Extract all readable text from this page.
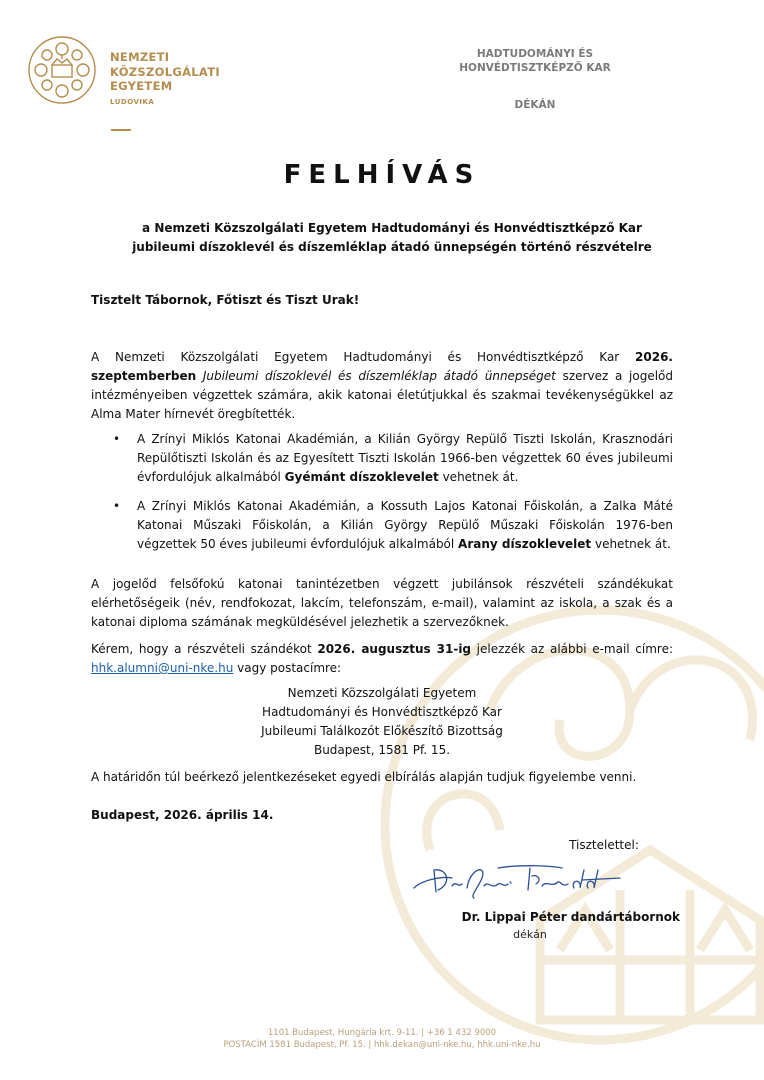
NEMZETI
KÖZSZOLGÁLATI
EGYETEM
LUDOVIKA
HADTUDOMÁNYI ÉS
HONVÉDTISZTKÉPZŐ KAR
DÉKÁN
FELHÍVÁS
a Nemzeti Közszolgálati Egyetem Hadtudományi és Honvédtisztképző Kar
jubileumi díszoklevél és díszemléklap átadó ünnepségén történő részvételre
Tisztelt Tábornok, Főtiszt és Tiszt Urak!
A Nemzeti Közszolgálati Egyetem Hadtudományi és Honvédtisztképző Kar 2026. szeptemberben Jubileumi díszoklevél és díszemléklap átadó ünnepséget szervez a jogelőd intézményeiben végzettek számára, akik katonai életútjukkal és szakmai tevékenységükkel az Alma Mater hírnevét öregbítették.
• A Zrínyi Miklós Katonai Akadémián, a Kilián György Repülő Tiszti Iskolán, Krasznodári Repülőtiszti Iskolán és az Egyesített Tiszti Iskolán 1966-ben végzettek 60 éves jubileumi évfordulójuk alkalmából Gyémánt díszoklevelet vehetnek át.
• A Zrínyi Miklós Katonai Akadémián, a Kossuth Lajos Katonai Főiskolán, a Zalka Máté Katonai Műszaki Főiskolán, a Kilián György Repülő Műszaki Főiskolán 1976-ben végzettek 50 éves jubileumi évfordulójuk alkalmából Arany díszoklevelet vehetnek át.
A jogelőd felsőfokú katonai tanintézetben végzett jubilánsok részvételi szándékukat elérhetőségeik (név, rendfokozat, lakcím, telefonszám, e-mail), valamint az iskola, a szak és a katonai diploma számának megküldésével jelezhetik a szervezőknek.
Kérem, hogy a részvételi szándékot 2026. augusztus 31-ig jelezzék az alábbi e-mail címre: hhk.alumni@uni-nke.hu vagy postacímre:
Nemzeti Közszolgálati Egyetem
Hadtudományi és Honvédtisztképző Kar
Jubileumi Találkozót Előkészítő Bizottság
Budapest, 1581 Pf. 15.
A határidőn túl beérkező jelentkezéseket egyedi elbírálás alapján tudjuk figyelembe venni.
Budapest, 2026. április 14.
Tisztelettel:
Dr. Lippai Péter dandártábornok
dékán
1101 Budapest, Hungária krt. 9-11. | +36 1 432 9000
POSTACÍM 1581 Budapest, Pf. 15. | hhk.dekan@uni-nke.hu, hhk.uni-nke.hu
